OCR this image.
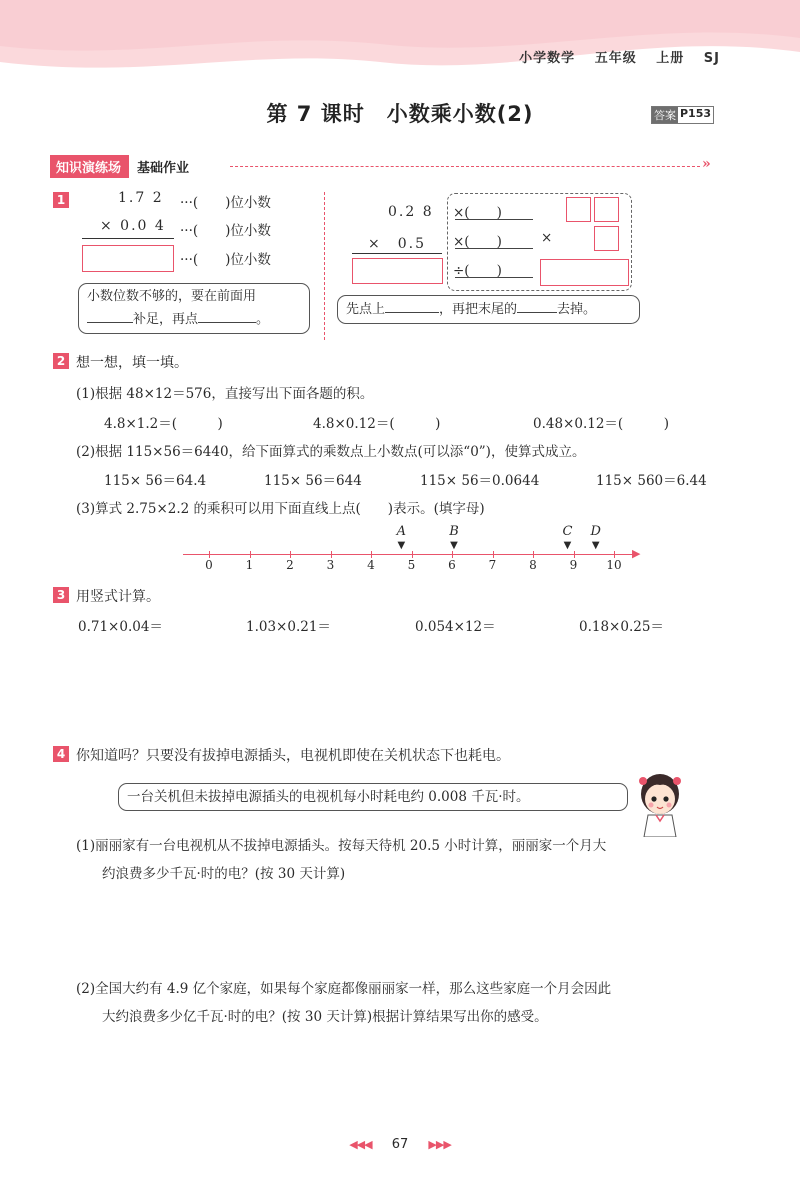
小学数学 五年级 上册 SJ
第 7 课时　小数乘小数(2)	答案 P153
知识演练场	基础作业	»
1	1.7 2
× 0.0 4
···(　　)位小数
···(　　)位小数
···(　　)位小数
小数位数不够的，要在前面用
补足，再点	。
0.2 8
×　0.5
×(　　)
×(　　)
÷(　　)
×
先点上	，再把末尾的	去掉。
2 想一想，填一填。
(1)根据 48×12＝576，直接写出下面各题的积。
4.8×1.2＝(　　　)	4.8×0.12＝(　　　)	0.48×0.12＝(　　　)
(2)根据 115×56＝6440，给下面算式的乘数点上小数点(可以添“0”)，使算式成立。
115× 56＝64.4	115× 56＝644	115× 56＝0.0644	115× 560＝6.44
(3)算式 2.75×2.2 的乘积可以用下面直线上点(　　)表示。(填字母)
▶
0	1	2	3	4	5	6	7	8	9	10
A
▼
B
▼
C
▼
D
▼
3 用竖式计算。
0.71×0.04＝	1.03×0.21＝	0.054×12＝	0.18×0.25＝
4 你知道吗？只要没有拔掉电源插头，电视机即使在关机状态下也耗电。
一台关机但未拔掉电源插头的电视机每小时耗电约 0.008 千瓦·时。
(1)丽丽家有一台电视机从不拔掉电源插头。按每天待机 20.5 小时计算，丽丽家一个月大
约浪费多少千瓦·时的电？(按 30 天计算)
(2)全国大约有 4.9 亿个家庭，如果每个家庭都像丽丽家一样，那么这些家庭一个月会因此
大约浪费多少亿千瓦·时的电？(按 30 天计算)根据计算结果写出你的感受。
◀◀◀ 67 ▶▶▶
